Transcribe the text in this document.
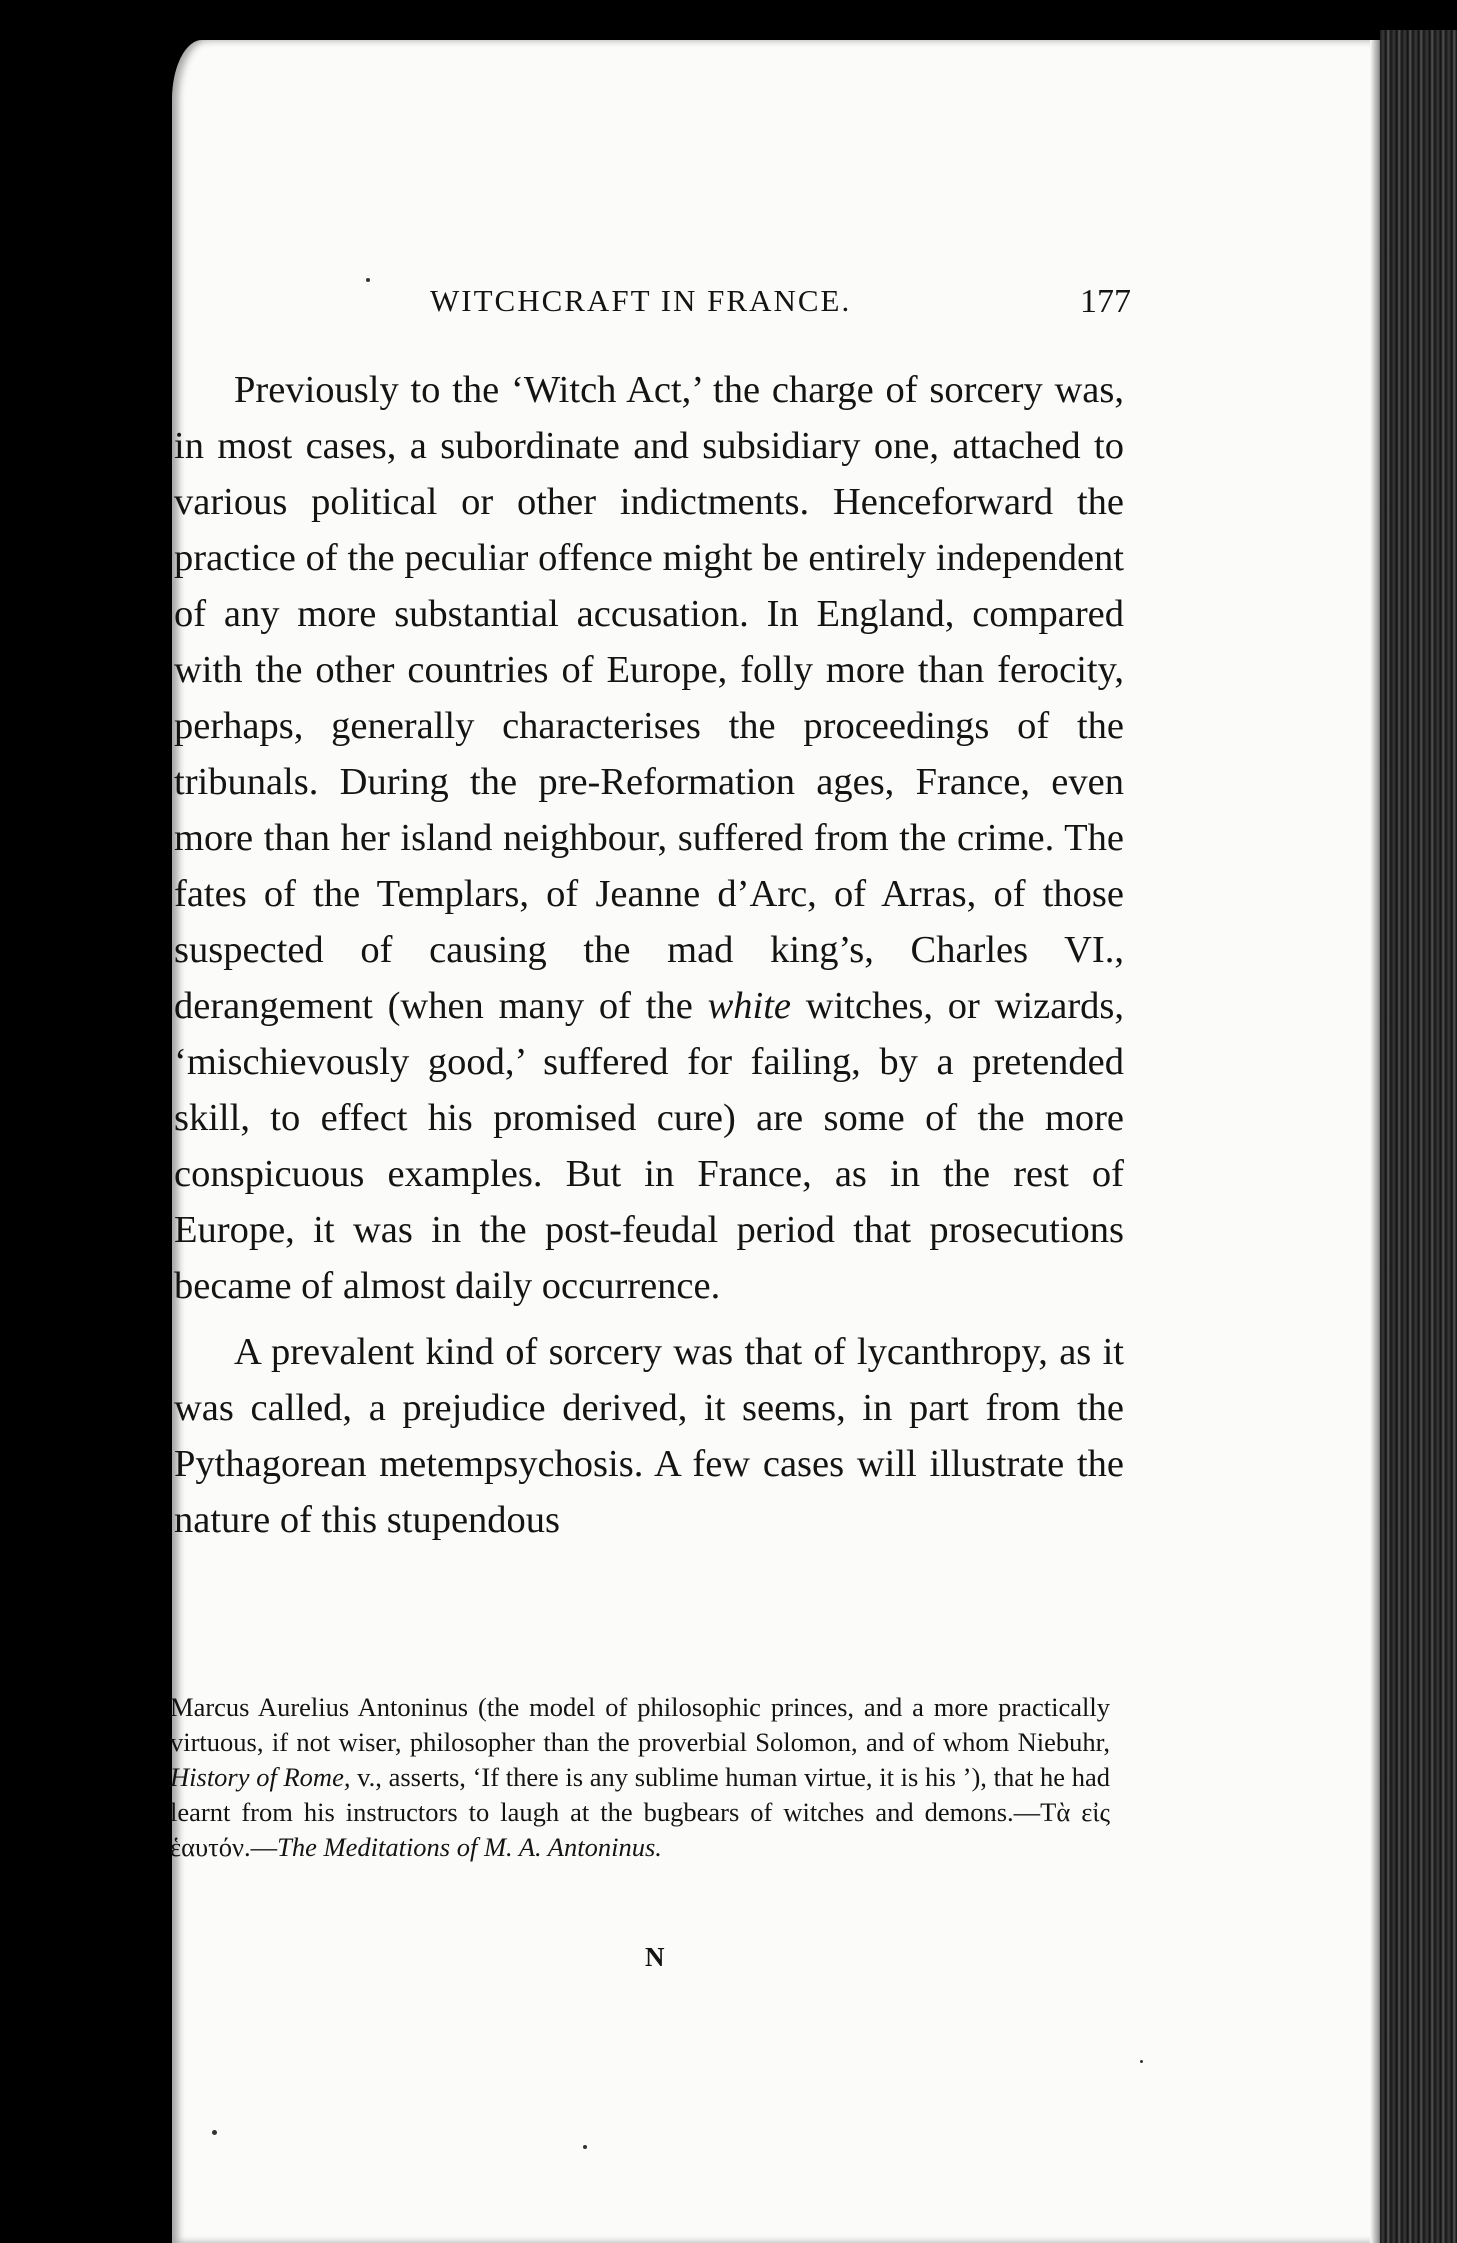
WITCHCRAFT IN FRANCE.	177

Previously to the ‘Witch Act,’ the charge of sorcery was, in most cases, a subordinate and subsidiary one, attached to various political or other indictments. Henceforward the practice of the peculiar offence might be entirely independent of any more substantial accusation. In England, compared with the other countries of Europe, folly more than ferocity, perhaps, generally characterises the proceedings of the tribunals. During the pre-Reformation ages, France, even more than her island neighbour, suffered from the crime. The fates of the Templars, of Jeanne d’Arc, of Arras, of those suspected of causing the mad king’s, Charles VI., derangement (when many of the white witches, or wizards, ‘mischievously good,’ suffered for failing, by a pretended skill, to effect his promised cure) are some of the more conspicuous examples. But in France, as in the rest of Europe, it was in the post-feudal period that prosecutions became of almost daily occurrence.

A prevalent kind of sorcery was that of lycanthropy, as it was called, a prejudice derived, it seems, in part from the Pythagorean metempsychosis. A few cases will illustrate the nature of this stupendous

Marcus Aurelius Antoninus (the model of philosophic princes, and a more practically virtuous, if not wiser, philosopher than the proverbial Solomon, and of whom Niebuhr, History of Rome, v., asserts, ‘If there is any sublime human virtue, it is his ’), that he had learnt from his instructors to laugh at the bugbears of witches and demons.—Τὰ εἰς ἑαυτόν.—The Meditations of M. A. Antoninus.

N
